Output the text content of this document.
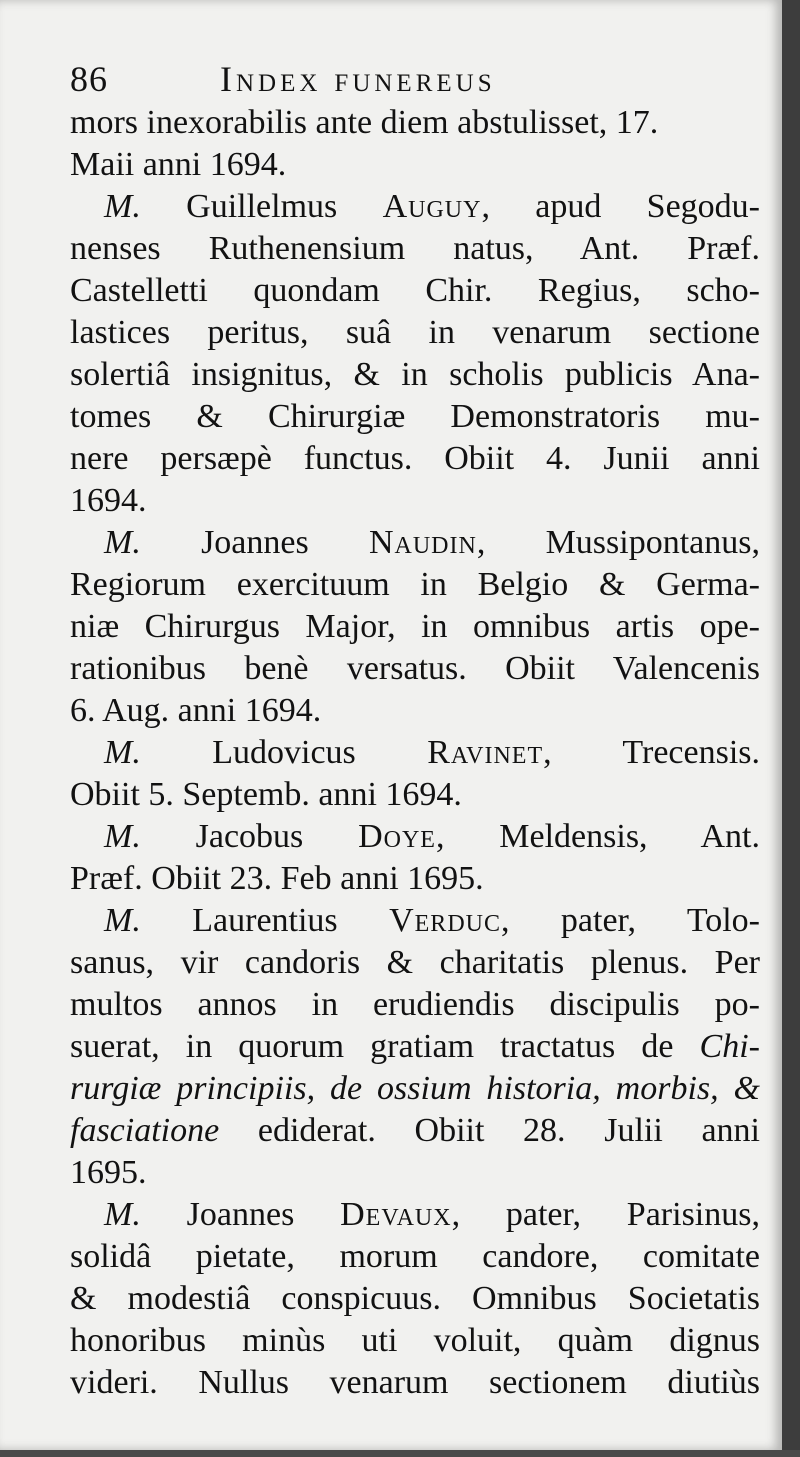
86	Index funereus
mors inexorabilis ante diem abstulisset, 17.
Maii anni 1694.
M. Guillelmus Auguy, apud Segodu-
nenses Ruthenensium natus, Ant. Præf.
Castelletti quondam Chir. Regius, scho-
lastices peritus, suâ in venarum sectione
solertiâ insignitus, & in scholis publicis Ana-
tomes & Chirurgiæ Demonstratoris mu-
nere persæpè functus. Obiit 4. Junii anni
1694.
M. Joannes Naudin, Mussipontanus,
Regiorum exercituum in Belgio & Germa-
niæ Chirurgus Major, in omnibus artis ope-
rationibus benè versatus. Obiit Valencenis
6. Aug. anni 1694.
M. Ludovicus Ravinet, Trecensis.
Obiit 5. Septemb. anni 1694.
M. Jacobus Doye, Meldensis, Ant.
Præf. Obiit 23. Feb anni 1695.
M. Laurentius Verduc, pater, Tolo-
sanus, vir candoris & charitatis plenus. Per
multos annos in erudiendis discipulis po-
suerat, in quorum gratiam tractatus de Chi-
rurgiæ principiis, de ossium historia, morbis, &
fasciatione ediderat. Obiit 28. Julii anni
1695.
M. Joannes Devaux, pater, Parisinus,
solidâ pietate, morum candore, comitate
& modestiâ conspicuus. Omnibus Societatis
honoribus minùs uti voluit, quàm dignus
videri. Nullus venarum sectionem diutiùs
